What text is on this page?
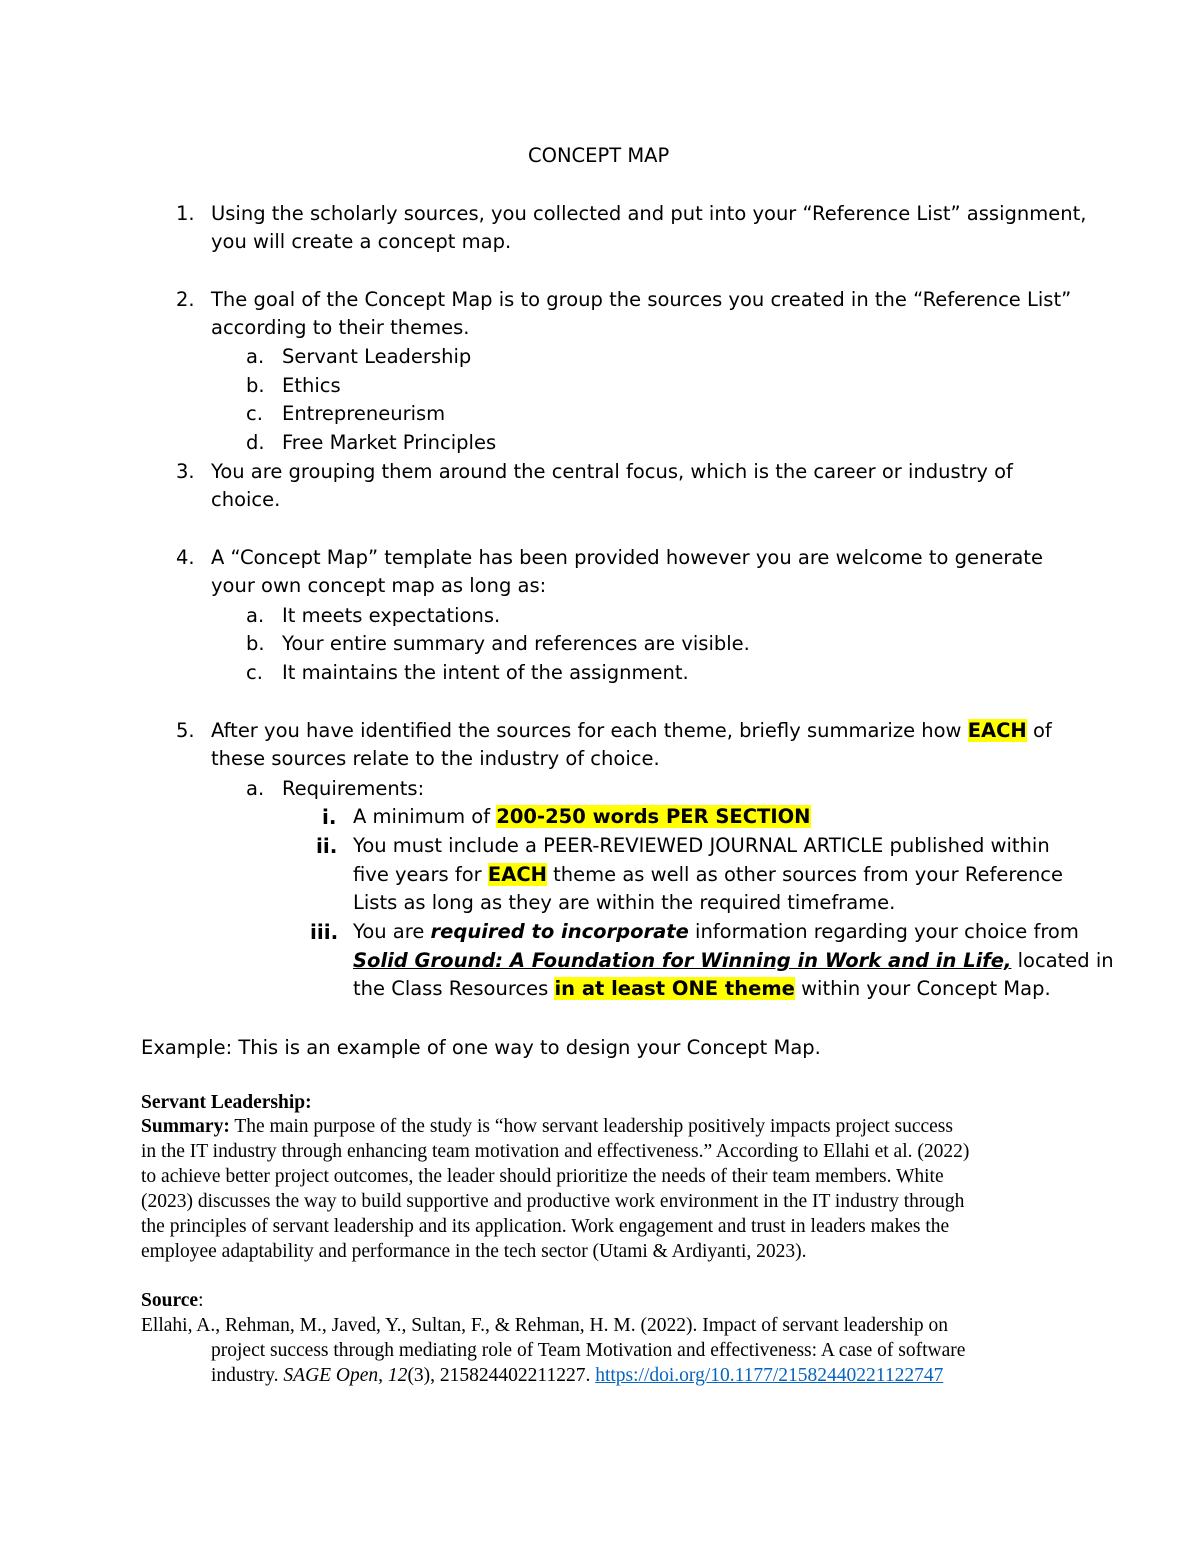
CONCEPT MAP
1. Using the scholarly sources, you collected and put into your “Reference List” assignment,
you will create a concept map.
2. The goal of the Concept Map is to group the sources you created in the “Reference List”
according to their themes.
a. Servant Leadership
b. Ethics
c. Entrepreneurism
d. Free Market Principles
3. You are grouping them around the central focus, which is the career or industry of
choice.
4. A “Concept Map” template has been provided however you are welcome to generate
your own concept map as long as:
a. It meets expectations.
b. Your entire summary and references are visible.
c. It maintains the intent of the assignment.
5. After you have identified the sources for each theme, briefly summarize how EACH of
these sources relate to the industry of choice.
a. Requirements:
i. A minimum of 200-250 words PER SECTION
ii. You must include a PEER-REVIEWED JOURNAL ARTICLE published within
five years for EACH theme as well as other sources from your Reference
Lists as long as they are within the required timeframe.
iii. You are required to incorporate information regarding your choice from
Solid Ground: A Foundation for Winning in Work and in Life, located in
the Class Resources in at least ONE theme within your Concept Map.
Example: This is an example of one way to design your Concept Map.
Servant Leadership:
Summary: The main purpose of the study is “how servant leadership positively impacts project success
in the IT industry through enhancing team motivation and effectiveness.” According to Ellahi et al. (2022)
to achieve better project outcomes, the leader should prioritize the needs of their team members. White
(2023) discusses the way to build supportive and productive work environment in the IT industry through
the principles of servant leadership and its application. Work engagement and trust in leaders makes the
employee adaptability and performance in the tech sector (Utami & Ardiyanti, 2023).
Source:
Ellahi, A., Rehman, M., Javed, Y., Sultan, F., & Rehman, H. M. (2022). Impact of servant leadership on
project success through mediating role of Team Motivation and effectiveness: A case of software
industry. SAGE Open, 12(3), 215824402211227. https://doi.org/10.1177/21582440221122747
